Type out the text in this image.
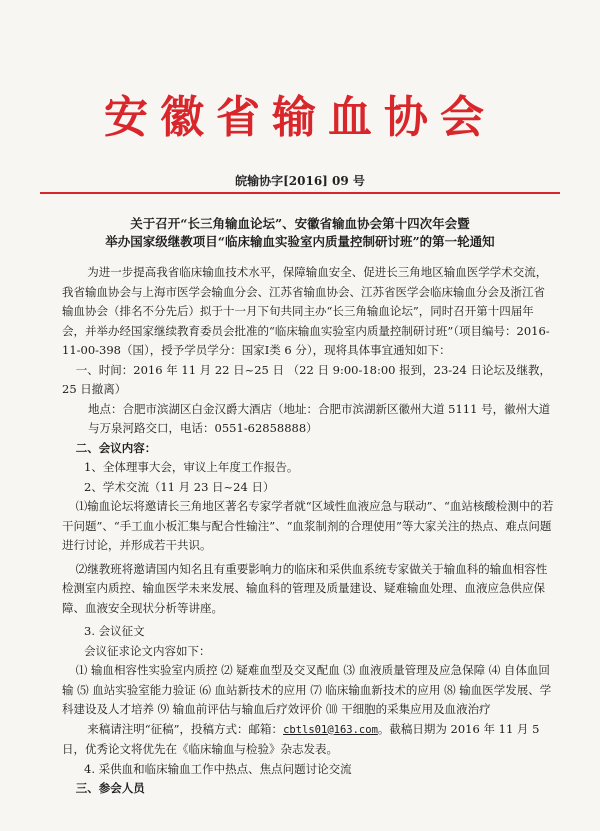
安徽省输血协会
皖输协字[2016] 09 号
关于召开“长三角输血论坛”、安徽省输血协会第十四次年会暨
举办国家级继教项目“临床输血实验室内质量控制研讨班”的第一轮通知

为进一步提高我省临床输血技术水平，保障输血安全、促进长三角地区输血医学学术交流，我省输血协会与上海市医学会输血分会、江苏省输血协会、江苏省医学会临床输血分会及浙江省输血协会（排名不分先后）拟于十一月下旬共同主办“长三角输血论坛”，同时召开第十四届年会，并举办经国家继续教育委员会批准的“临床输血实验室内质量控制研讨班”（项目编号：2016-11-00-398（国），授予学员学分：国家Ⅰ类 6 分），现将具体事宜通知如下：

一、时间：2016 年 11 月 22 日~25 日 （22 日 9:00-18:00 报到，23-24 日论坛及继教，25 日撤离）

地点：合肥市滨湖区白金汉爵大酒店（地址：合肥市滨湖新区徽州大道 5111 号，徽州大道与万泉河路交口，电话：0551-62858888）

二、会议内容：

1、全体理事大会，审议上年度工作报告。

2、学术交流（11 月 23 日~24 日）

⑴输血论坛将邀请长三角地区著名专家学者就“区域性血液应急与联动”、“血站核酸检测中的若干问题”、“手工血小板汇集与配合性输注”、“血浆制剂的合理使用”等大家关注的热点、难点问题进行讨论，并形成若干共识。

⑵继教班将邀请国内知名且有重要影响力的临床和采供血系统专家做关于输血科的输血相容性检测室内质控、输血医学未来发展、输血科的管理及质量建设、疑难输血处理、血液应急供应保障、血液安全现状分析等讲座。

3. 会议征文

会议征求论文内容如下：

⑴ 输血相容性实验室内质控 ⑵ 疑难血型及交叉配血 ⑶ 血液质量管理及应急保障 ⑷ 自体血回输 ⑸ 血站实验室能力验证 ⑹ 血站新技术的应用 ⑺ 临床输血新技术的应用 ⑻ 输血医学发展、学科建设及人才培养 ⑼ 输血前评估与输血后疗效评价 ⑽ 干细胞的采集应用及血液治疗

来稿请注明“征稿”，投稿方式：邮箱：cbtls01@163.com。截稿日期为 2016 年 11 月 5 日，优秀论文将优先在《临床输血与检验》杂志发表。

4. 采供血和临床输血工作中热点、焦点问题讨论交流

三、参会人员
